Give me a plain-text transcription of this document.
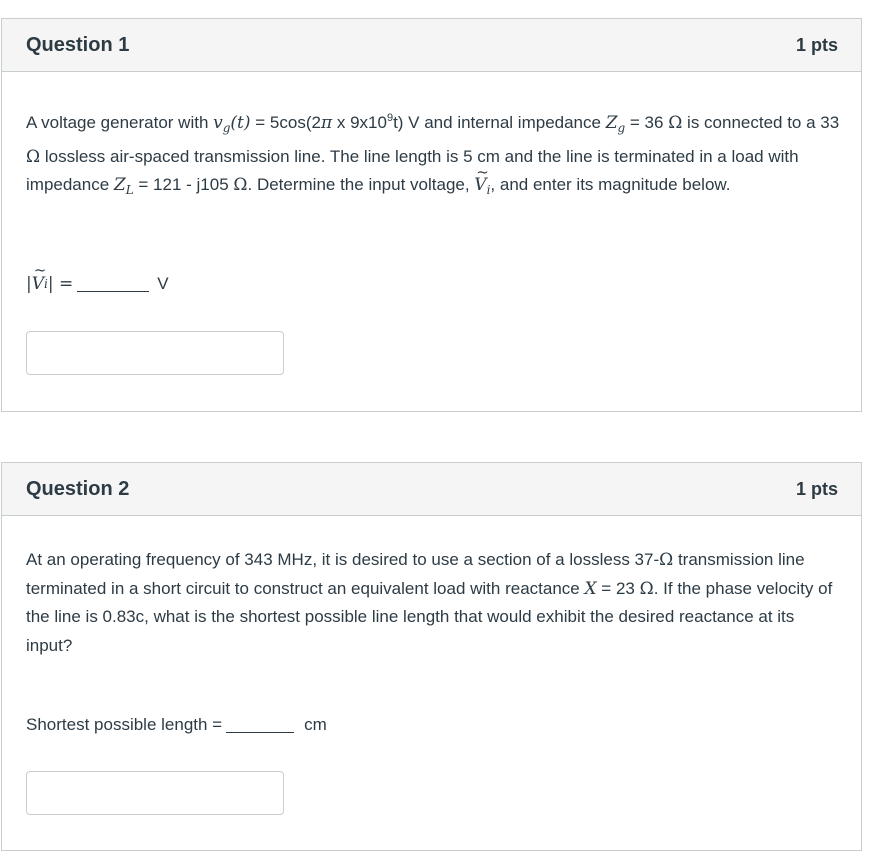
Question 1	1 pts
A voltage generator with $v_g(t) = 5\cos(2\pi$ x $9x10^9t$) V and internal impedance $Z_g = 36$ Ω is connected to a 33 Ω lossless air-spaced transmission line. The line length is 5 cm and the line is terminated in a load with impedance $Z_L = 121 - j105$ Ω. Determine the input voltage, ~ $V_i$, and enter its magnitude below.
|
~ V i | =	V
Question 2	1 pts
At an operating frequency of 343 MHz, it is desired to use a section of a lossless 37-Ω transmission line terminated in a short circuit to construct an equivalent load with reactance X = 23 Ω. If the phase velocity of the line is 0.83c, what is the shortest possible line length that would exhibit the desired reactance at its input?
Shortest possible length =	cm
